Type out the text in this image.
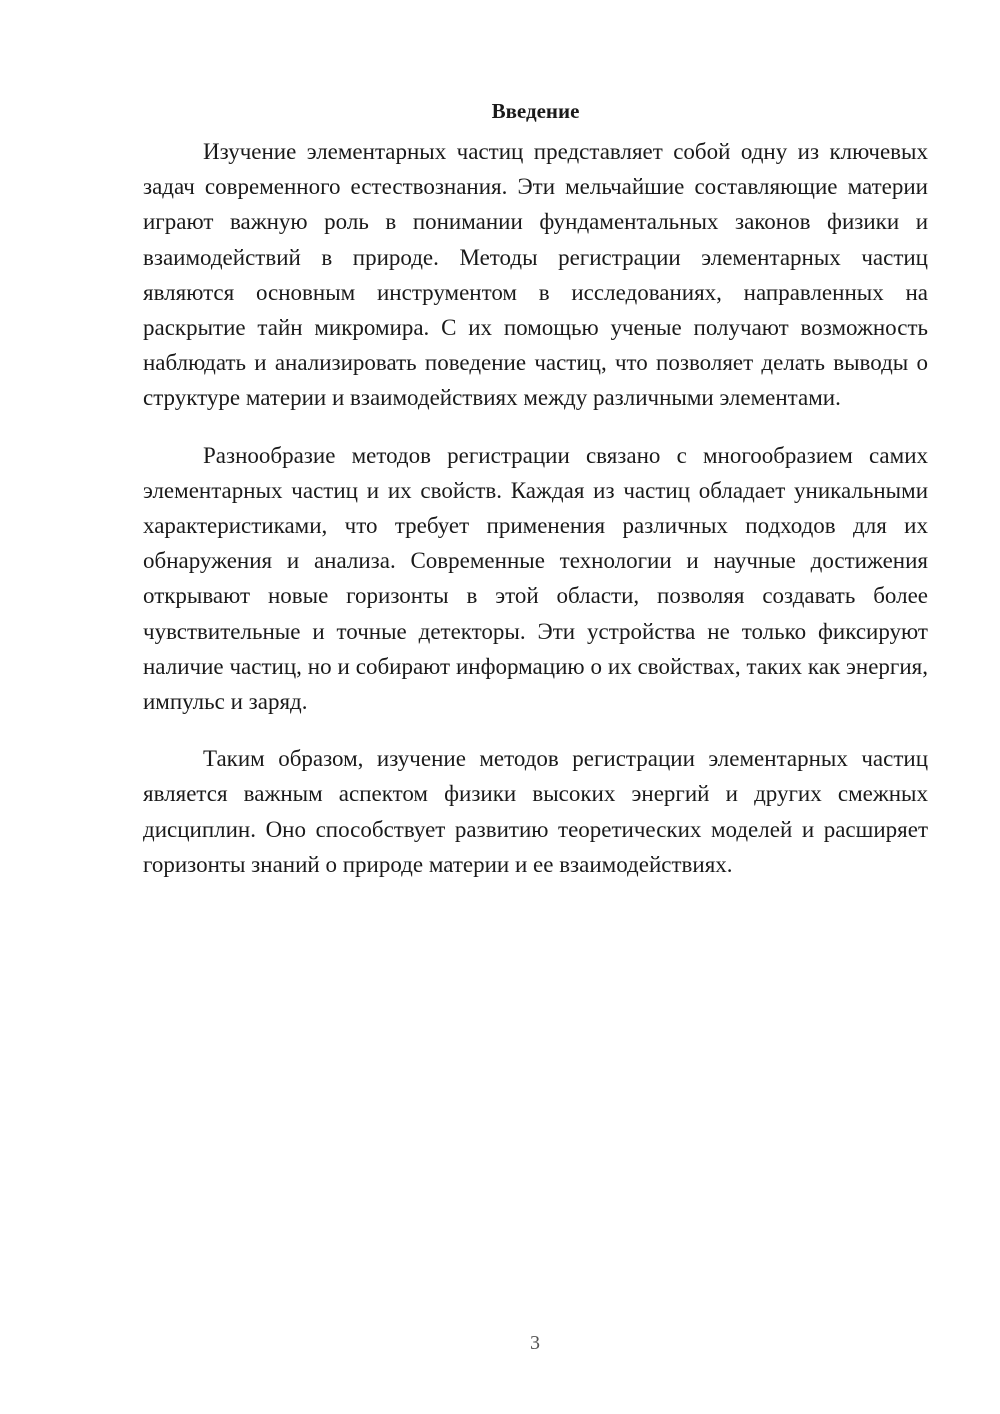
Введение

Изучение элементарных частиц представляет собой одну из ключевых задач современного естествознания. Эти мельчайшие составляющие материи играют важную роль в понимании фундаментальных законов физики и взаимодействий в природе. Методы регистрации элементарных частиц являются основным инструментом в исследованиях, направленных на раскрытие тайн микромира. С их помощью ученые получают возможность наблюдать и анализировать поведение частиц, что позволяет делать выводы о структуре материи и взаимодействиях между различными элементами.

Разнообразие методов регистрации связано с многообразием самих элементарных частиц и их свойств. Каждая из частиц обладает уникальными характеристиками, что требует применения различных подходов для их обнаружения и анализа. Современные технологии и научные достижения открывают новые горизонты в этой области, позволяя создавать более чувствительные и точные детекторы. Эти устройства не только фиксируют наличие частиц, но и собирают информацию о их свойствах, таких как энергия, импульс и заряд.

Таким образом, изучение методов регистрации элементарных частиц является важным аспектом физики высоких энергий и других смежных дисциплин. Оно способствует развитию теоретических моделей и расширяет горизонты знаний о природе материи и ее взаимодействиях.

3
